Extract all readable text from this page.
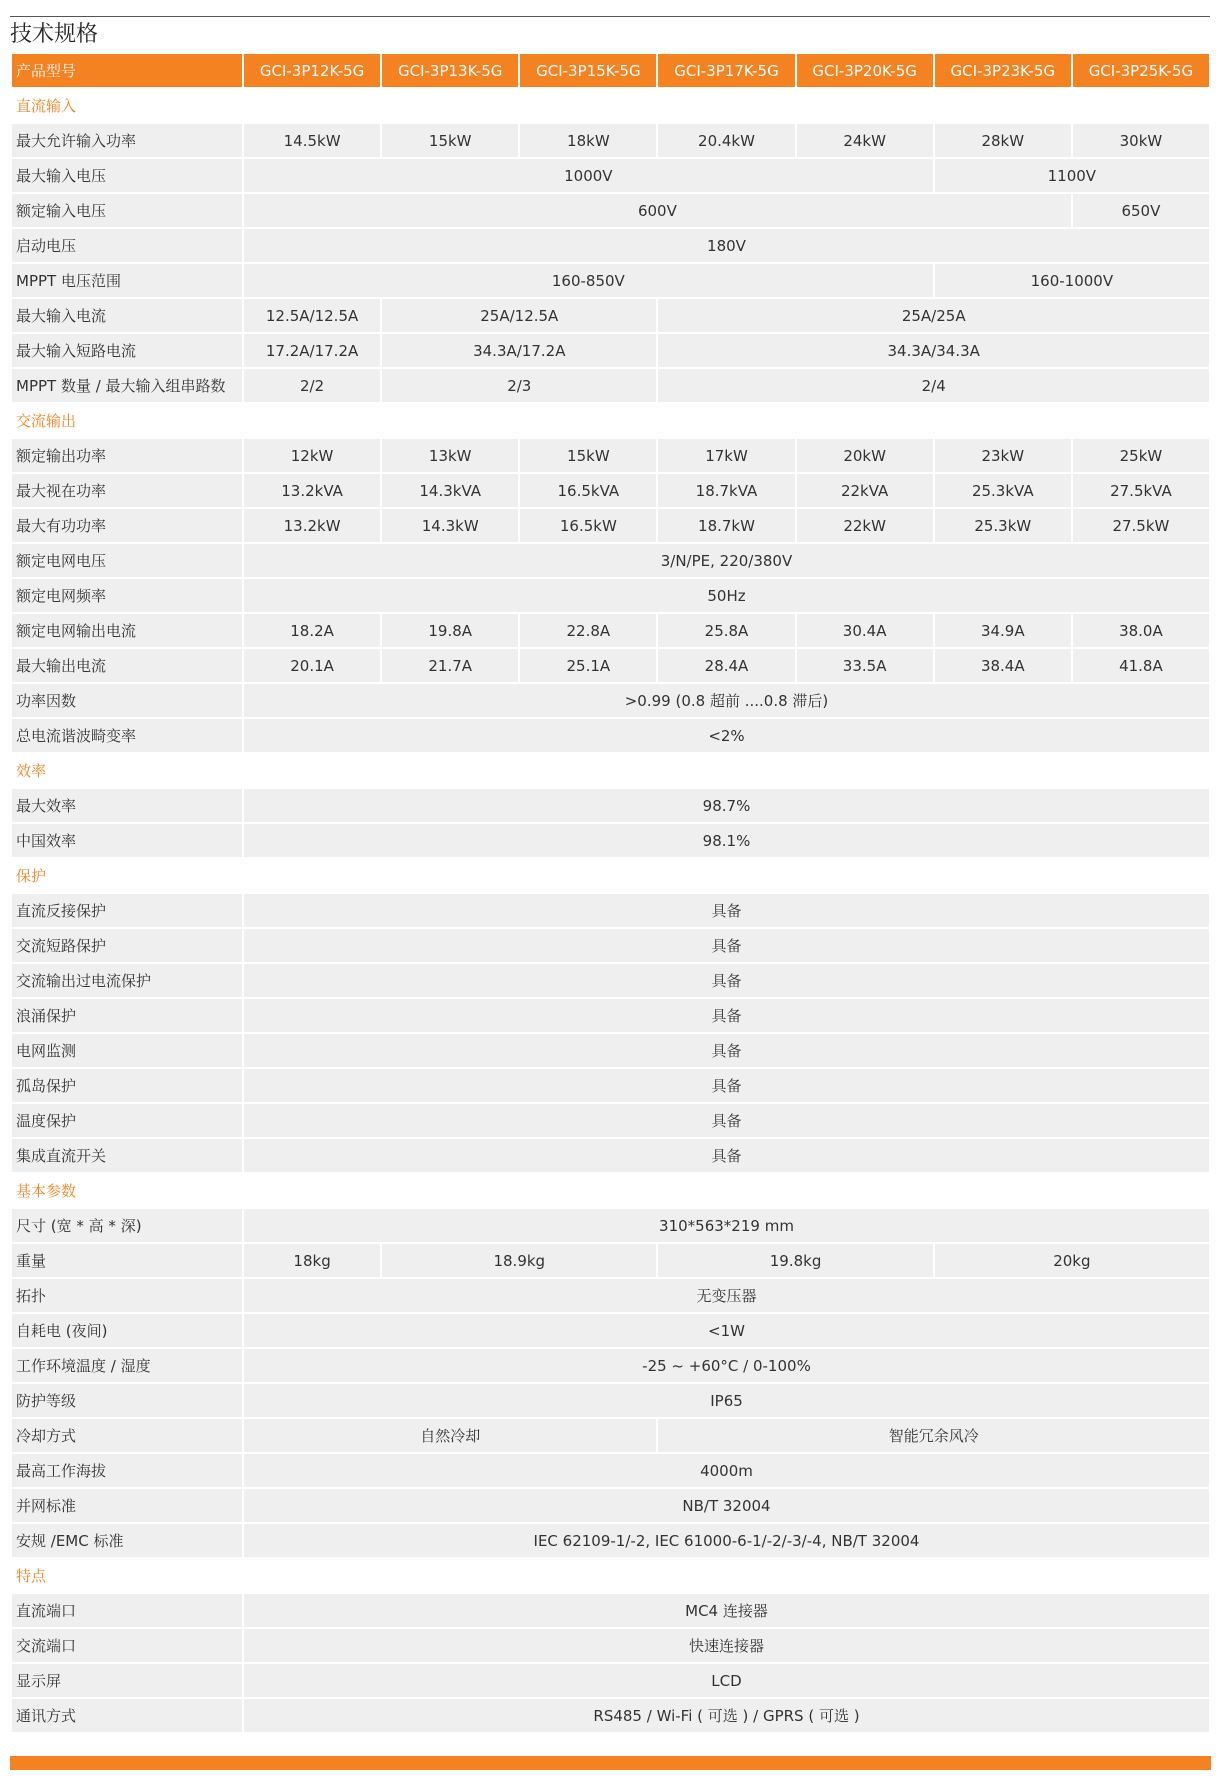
技术规格
产品型号	GCI-3P12K-5G	GCI-3P13K-5G	GCI-3P15K-5G	GCI-3P17K-5G	GCI-3P20K-5G	GCI-3P23K-5G	GCI-3P25K-5G
直流输入							
最大允许输入功率	14.5kW	15kW	18kW	20.4kW	24kW	28kW	30kW
最大输入电压	1000V					1100V	
额定输入电压	600V						650V
启动电压	180V						
MPPT 电压范围	160-850V					160-1000V	
最大输入电流	12.5A/12.5A	25A/12.5A		25A/25A			
最大输入短路电流	17.2A/17.2A	34.3A/17.2A		34.3A/34.3A			
MPPT 数量 / 最大输入组串路数	2/2	2/3		2/4			
交流输出							
额定输出功率	12kW	13kW	15kW	17kW	20kW	23kW	25kW
最大视在功率	13.2kVA	14.3kVA	16.5kVA	18.7kVA	22kVA	25.3kVA	27.5kVA
最大有功功率	13.2kW	14.3kW	16.5kW	18.7kW	22kW	25.3kW	27.5kW
额定电网电压	3/N/PE, 220/380V						
额定电网频率	50Hz						
额定电网输出电流	18.2A	19.8A	22.8A	25.8A	30.4A	34.9A	38.0A
最大输出电流	20.1A	21.7A	25.1A	28.4A	33.5A	38.4A	41.8A
功率因数	>0.99 (0.8 超前 ....0.8 滞后)						
总电流谐波畸变率	<2%						
效率							
最大效率	98.7%						
中国效率	98.1%						
保护							
直流反接保护	具备						
交流短路保护	具备						
交流输出过电流保护	具备						
浪涌保护	具备						
电网监测	具备						
孤岛保护	具备						
温度保护	具备						
集成直流开关	具备						
基本参数							
尺寸 (宽 * 高 * 深)	310*563*219 mm						
重量	18kg	18.9kg		19.8kg		20kg	
拓扑	无变压器						
自耗电 (夜间)	<1W						
工作环境温度 / 湿度	-25 ~ +60°C / 0-100%						
防护等级	IP65						
冷却方式	自然冷却			智能冗余风冷			
最高工作海拔	4000m						
并网标准	NB/T 32004						
安规 /EMC 标准	IEC 62109-1/-2, IEC 61000-6-1/-2/-3/-4, NB/T 32004						
特点							
直流端口	MC4 连接器						
交流端口	快速连接器						
显示屏	LCD						
通讯方式	RS485 / Wi-Fi ( 可选 ) / GPRS ( 可选 )						
